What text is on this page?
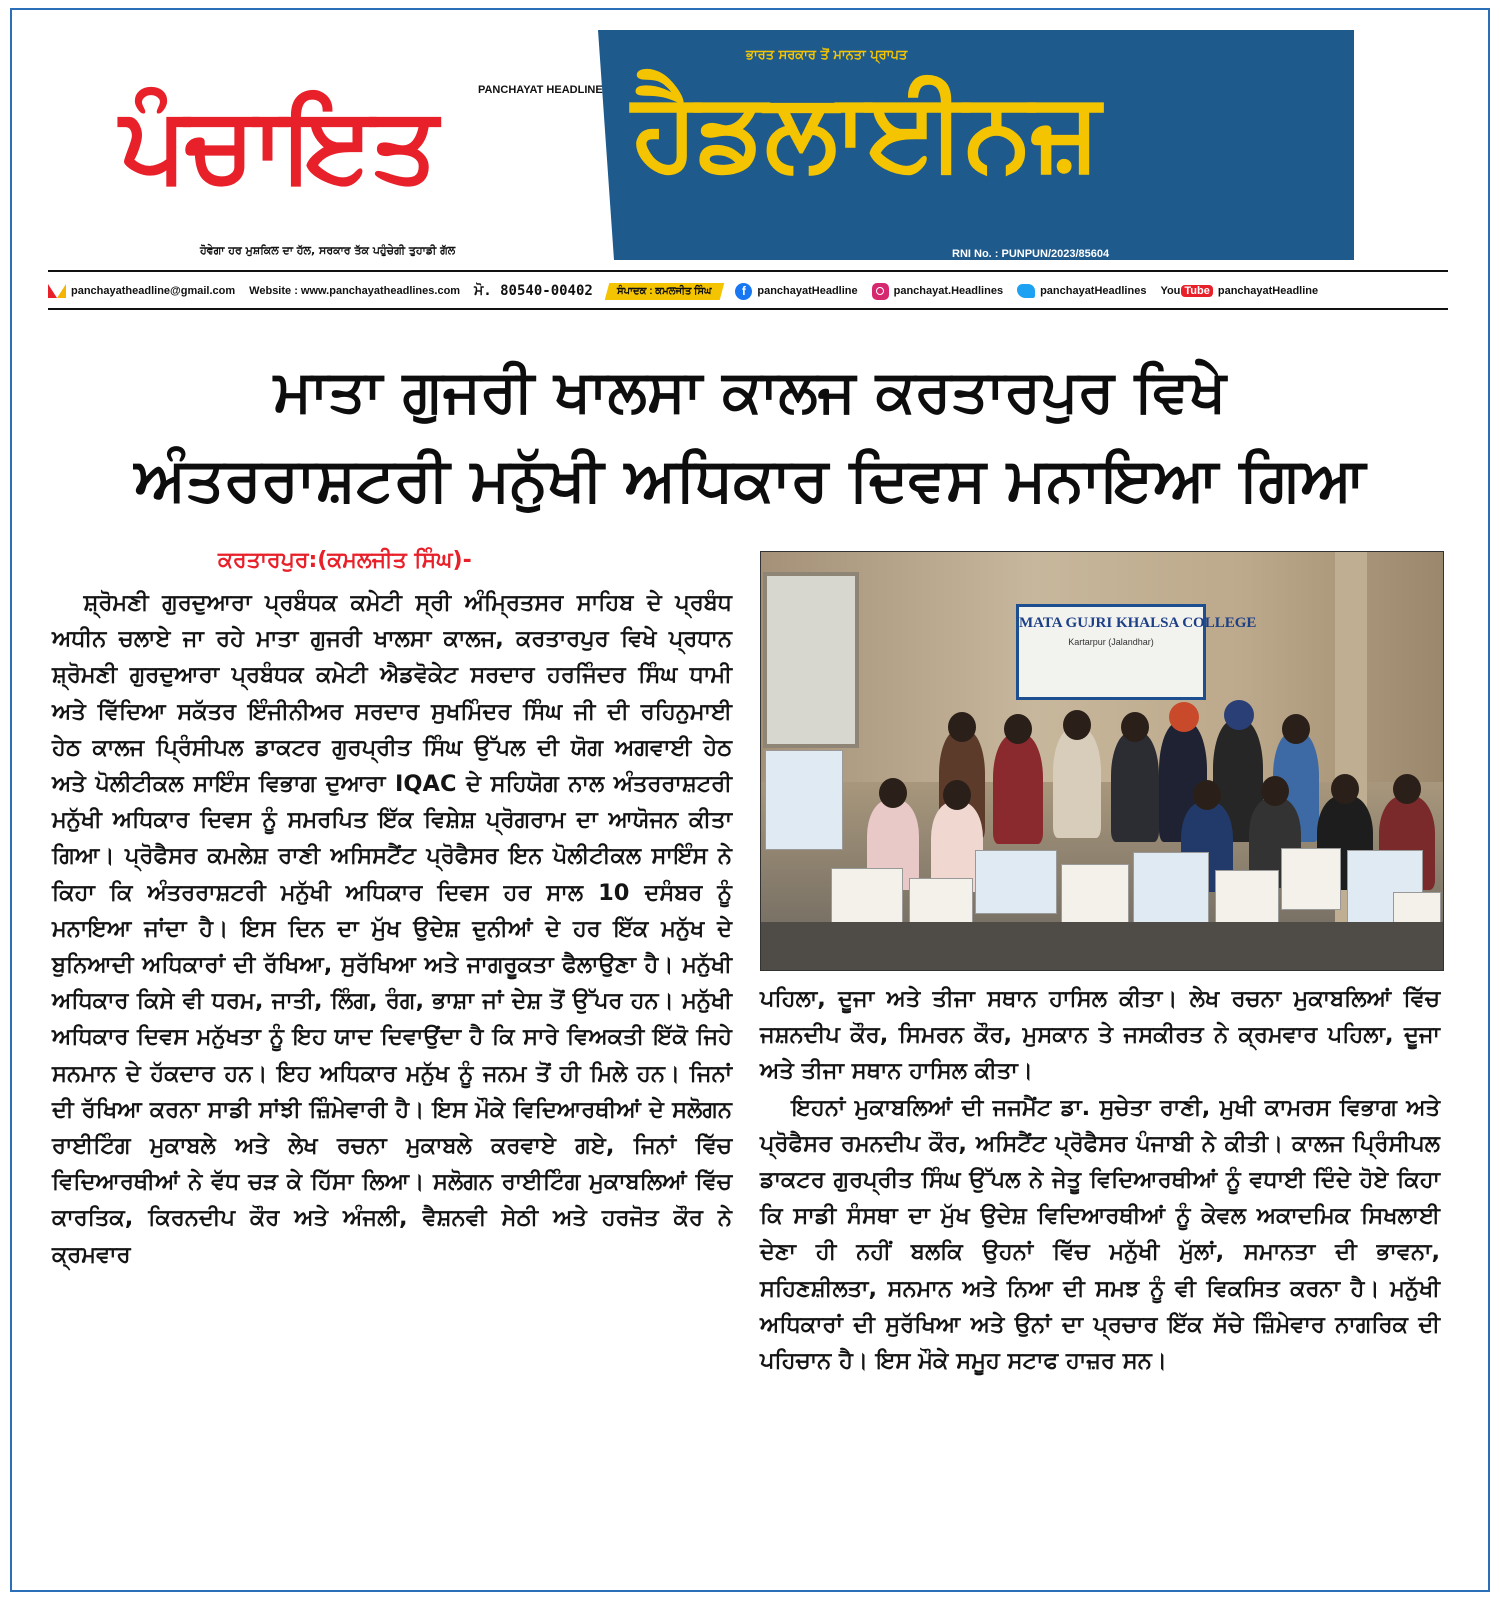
PANCHAYAT HEADLINES
ਪੰਚਾਇਤ
ਹੋਵੇਗਾ ਹਰ ਮੁਸ਼ਕਿਲ ਦਾ ਹੱਲ, ਸਰਕਾਰ ਤੱਕ ਪਹੁੰਚੇਗੀ ਤੁਹਾਡੀ ਗੱਲ
ਭਾਰਤ ਸਰਕਾਰ ਤੋਂ ਮਾਨਤਾ ਪ੍ਰਾਪਤ
ਹੈਡਲਾਈਨਜ਼
RNI No. : PUNPUN/2023/85604
panchayatheadline@gmail.com Website : www.panchayatheadlines.com ਮੋ. 80540-00402 ਸੰਪਾਦਕ : ਕਮਲਜੀਤ ਸਿੰਘ	f	panchayatHeadline	panchayat.Headlines	panchayatHeadlines You Tube panchayatHeadline
ਮਾਤਾ ਗੁਜਰੀ ਖਾਲਸਾ ਕਾਲਜ ਕਰਤਾਰਪੁਰ ਵਿਖੇ
ਅੰਤਰਰਾਸ਼ਟਰੀ ਮਨੁੱਖੀ ਅਧਿਕਾਰ ਦਿਵਸ ਮਨਾਇਆ ਗਿਆ
ਕਰਤਾਰਪੁਰ:(ਕਮਲਜੀਤ ਸਿੰਘ)-

ਸ਼੍ਰੋਮਣੀ ਗੁਰਦੁਆਰਾ ਪ੍ਰਬੰਧਕ ਕਮੇਟੀ ਸ੍ਰੀ ਅੰਮ੍ਰਿਤਸਰ ਸਾਹਿਬ ਦੇ ਪ੍ਰਬੰਧ ਅਧੀਨ ਚਲਾਏ ਜਾ ਰਹੇ ਮਾਤਾ ਗੁਜਰੀ ਖਾਲਸਾ ਕਾਲਜ, ਕਰਤਾਰਪੁਰ ਵਿਖੇ ਪ੍ਰਧਾਨ ਸ਼੍ਰੋਮਣੀ ਗੁਰਦੁਆਰਾ ਪ੍ਰਬੰਧਕ ਕਮੇਟੀ ਐਡਵੋਕੇਟ ਸਰਦਾਰ ਹਰਜਿੰਦਰ ਸਿੰਘ ਧਾਮੀ ਅਤੇ ਵਿੱਦਿਆ ਸਕੱਤਰ ਇੰਜੀਨੀਅਰ ਸਰਦਾਰ ਸੁਖਮਿੰਦਰ ਸਿੰਘ ਜੀ ਦੀ ਰਹਿਨੁਮਾਈ ਹੇਠ ਕਾਲਜ ਪ੍ਰਿੰਸੀਪਲ ਡਾਕਟਰ ਗੁਰਪ੍ਰੀਤ ਸਿੰਘ ਉੱਪਲ ਦੀ ਯੋਗ ਅਗਵਾਈ ਹੇਠ ਅਤੇ ਪੋਲੀਟੀਕਲ ਸਾਇੰਸ ਵਿਭਾਗ ਦੁਆਰਾ IQAC ਦੇ ਸਹਿਯੋਗ ਨਾਲ ਅੰਤਰਰਾਸ਼ਟਰੀ ਮਨੁੱਖੀ ਅਧਿਕਾਰ ਦਿਵਸ ਨੂੰ ਸਮਰਪਿਤ ਇੱਕ ਵਿਸ਼ੇਸ਼ ਪ੍ਰੋਗਰਾਮ ਦਾ ਆਯੋਜਨ ਕੀਤਾ ਗਿਆ। ਪ੍ਰੋਫੈਸਰ ਕਮਲੇਸ਼ ਰਾਣੀ ਅਸਿਸਟੈਂਟ ਪ੍ਰੋਫੈਸਰ ਇਨ ਪੋਲੀਟੀਕਲ ਸਾਇੰਸ ਨੇ ਕਿਹਾ ਕਿ ਅੰਤਰਰਾਸ਼ਟਰੀ ਮਨੁੱਖੀ ਅਧਿਕਾਰ ਦਿਵਸ ਹਰ ਸਾਲ 10 ਦਸੰਬਰ ਨੂੰ ਮਨਾਇਆ ਜਾਂਦਾ ਹੈ। ਇਸ ਦਿਨ ਦਾ ਮੁੱਖ ਉਦੇਸ਼ ਦੁਨੀਆਂ ਦੇ ਹਰ ਇੱਕ ਮਨੁੱਖ ਦੇ ਬੁਨਿਆਦੀ ਅਧਿਕਾਰਾਂ ਦੀ ਰੱਖਿਆ, ਸੁਰੱਖਿਆ ਅਤੇ ਜਾਗਰੂਕਤਾ ਫੈਲਾਉਣਾ ਹੈ। ਮਨੁੱਖੀ ਅਧਿਕਾਰ ਕਿਸੇ ਵੀ ਧਰਮ, ਜਾਤੀ, ਲਿੰਗ, ਰੰਗ, ਭਾਸ਼ਾ ਜਾਂ ਦੇਸ਼ ਤੋਂ ਉੱਪਰ ਹਨ। ਮਨੁੱਖੀ ਅਧਿਕਾਰ ਦਿਵਸ ਮਨੁੱਖਤਾ ਨੂੰ ਇਹ ਯਾਦ ਦਿਵਾਉਂਦਾ ਹੈ ਕਿ ਸਾਰੇ ਵਿਅਕਤੀ ਇੱਕੋ ਜਿਹੇ ਸਨਮਾਨ ਦੇ ਹੱਕਦਾਰ ਹਨ। ਇਹ ਅਧਿਕਾਰ ਮਨੁੱਖ ਨੂੰ ਜਨਮ ਤੋਂ ਹੀ ਮਿਲੇ ਹਨ। ਜਿਨਾਂ ਦੀ ਰੱਖਿਆ ਕਰਨਾ ਸਾਡੀ ਸਾਂਝੀ ਜ਼ਿੰਮੇਵਾਰੀ ਹੈ। ਇਸ ਮੌਕੇ ਵਿਦਿਆਰਥੀਆਂ ਦੇ ਸਲੋਗਨ ਰਾਈਟਿੰਗ ਮੁਕਾਬਲੇ ਅਤੇ ਲੇਖ ਰਚਨਾ ਮੁਕਾਬਲੇ ਕਰਵਾਏ ਗਏ, ਜਿਨਾਂ ਵਿੱਚ ਵਿਦਿਆਰਥੀਆਂ ਨੇ ਵੱਧ ਚੜ ਕੇ ਹਿੱਸਾ ਲਿਆ। ਸਲੋਗਨ ਰਾਈਟਿੰਗ ਮੁਕਾਬਲਿਆਂ ਵਿੱਚ ਕਾਰਤਿਕ, ਕਿਰਨਦੀਪ ਕੌਰ ਅਤੇ ਅੰਜਲੀ, ਵੈਸ਼ਨਵੀ ਸੇਠੀ ਅਤੇ ਹਰਜੋਤ ਕੌਰ ਨੇ ਕ੍ਰਮਵਾਰ

MATA GUJRI KHALSA COLLEGE
Kartarpur (Jalandhar)

ਪਹਿਲਾ, ਦੂਜਾ ਅਤੇ ਤੀਜਾ ਸਥਾਨ ਹਾਸਿਲ ਕੀਤਾ। ਲੇਖ ਰਚਨਾ ਮੁਕਾਬਲਿਆਂ ਵਿੱਚ ਜਸ਼ਨਦੀਪ ਕੌਰ, ਸਿਮਰਨ ਕੌਰ, ਮੁਸਕਾਨ ਤੇ ਜਸਕੀਰਤ ਨੇ ਕ੍ਰਮਵਾਰ ਪਹਿਲਾ, ਦੂਜਾ ਅਤੇ ਤੀਜਾ ਸਥਾਨ ਹਾਸਿਲ ਕੀਤਾ।

ਇਹਨਾਂ ਮੁਕਾਬਲਿਆਂ ਦੀ ਜਜਮੈਂਟ ਡਾ. ਸੁਚੇਤਾ ਰਾਣੀ, ਮੁਖੀ ਕਾਮਰਸ ਵਿਭਾਗ ਅਤੇ ਪ੍ਰੋਫੈਸਰ ਰਮਨਦੀਪ ਕੌਰ, ਅਸਿਟੈਂਟ ਪ੍ਰੋਫੈਸਰ ਪੰਜਾਬੀ ਨੇ ਕੀਤੀ। ਕਾਲਜ ਪ੍ਰਿੰਸੀਪਲ ਡਾਕਟਰ ਗੁਰਪ੍ਰੀਤ ਸਿੰਘ ਉੱਪਲ ਨੇ ਜੇਤੂ ਵਿਦਿਆਰਥੀਆਂ ਨੂੰ ਵਧਾਈ ਦਿੰਦੇ ਹੋਏ ਕਿਹਾ ਕਿ ਸਾਡੀ ਸੰਸਥਾ ਦਾ ਮੁੱਖ ਉਦੇਸ਼ ਵਿਦਿਆਰਥੀਆਂ ਨੂੰ ਕੇਵਲ ਅਕਾਦਮਿਕ ਸਿਖਲਾਈ ਦੇਣਾ ਹੀ ਨਹੀਂ ਬਲਕਿ ਉਹਨਾਂ ਵਿੱਚ ਮਨੁੱਖੀ ਮੁੱਲਾਂ, ਸਮਾਨਤਾ ਦੀ ਭਾਵਨਾ, ਸਹਿਣਸ਼ੀਲਤਾ, ਸਨਮਾਨ ਅਤੇ ਨਿਆ ਦੀ ਸਮਝ ਨੂੰ ਵੀ ਵਿਕਸਿਤ ਕਰਨਾ ਹੈ। ਮਨੁੱਖੀ ਅਧਿਕਾਰਾਂ ਦੀ ਸੁਰੱਖਿਆ ਅਤੇ ਉਨਾਂ ਦਾ ਪ੍ਰਚਾਰ ਇੱਕ ਸੱਚੇ ਜ਼ਿੰਮੇਵਾਰ ਨਾਗਰਿਕ ਦੀ ਪਹਿਚਾਨ ਹੈ। ਇਸ ਮੌਕੇ ਸਮੂਹ ਸਟਾਫ ਹਾਜ਼ਰ ਸਨ।
